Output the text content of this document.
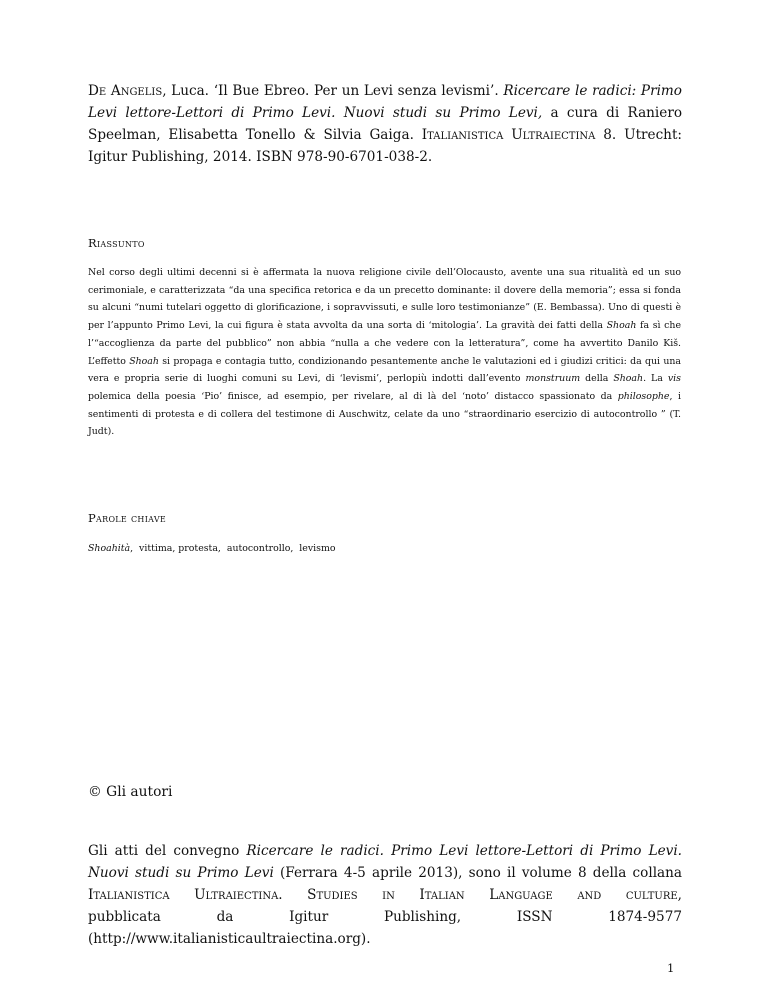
De Angelis, Luca. ‘Il Bue Ebreo. Per un Levi senza levismi’. Ricercare le radici: Primo Levi lettore-Lettori di Primo Levi. Nuovi studi su Primo Levi, a cura di Raniero Speelman, Elisabetta Tonello & Silvia Gaiga. Italianistica Ultraiectina 8. Utrecht: Igitur Publishing, 2014. ISBN 978-90-6701-038-2.
Riassunto
Nel corso degli ultimi decenni si è affermata la nuova religione civile dell’Olocausto, avente una sua ritualità ed un suo cerimoniale, e caratterizzata “da una specifica retorica e da un precetto dominante: il dovere della memoria”; essa si fonda su alcuni “numi tutelari oggetto di glorificazione, i sopravvissuti, e sulle loro testimonianze” (E. Bembassa). Uno di questi è per l’appunto Primo Levi, la cui figura è stata avvolta da una sorta di ‘mitologia’. La gravità dei fatti della Shoah fa sì che l’“accoglienza da parte del pubblico” non abbia “nulla a che vedere con la letteratura”, come ha avvertito Danilo Kiš. L’effetto Shoah si propaga e contagia tutto, condizionando pesantemente anche le valutazioni ed i giudizi critici: da qui una vera e propria serie di luoghi comuni su Levi, di ‘levismi’, perlopiù indotti dall’evento monstruum della Shoah. La vis polemica della poesia ‘Pio’ finisce, ad esempio, per rivelare, al di là del ‘noto’ distacco spassionato da philosophe, i sentimenti di protesta e di collera del testimone di Auschwitz, celate da uno “straordinario esercizio di autocontrollo ” (T. Judt).
Parole chiave
Shoahità,  vittima, protesta,  autocontrollo,  levismo
© Gli autori
Gli atti del convegno Ricercare le radici. Primo Levi lettore-Lettori di Primo Levi. Nuovi studi su Primo Levi (Ferrara 4-5 aprile 2013), sono il volume 8 della collana Italianistica Ultraiectina. Studies in Italian Language and culture,
pubblicata	da	Igitur	Publishing,	ISSN	1874-9577
(http://www.italianisticaultraiectina.org).
1
